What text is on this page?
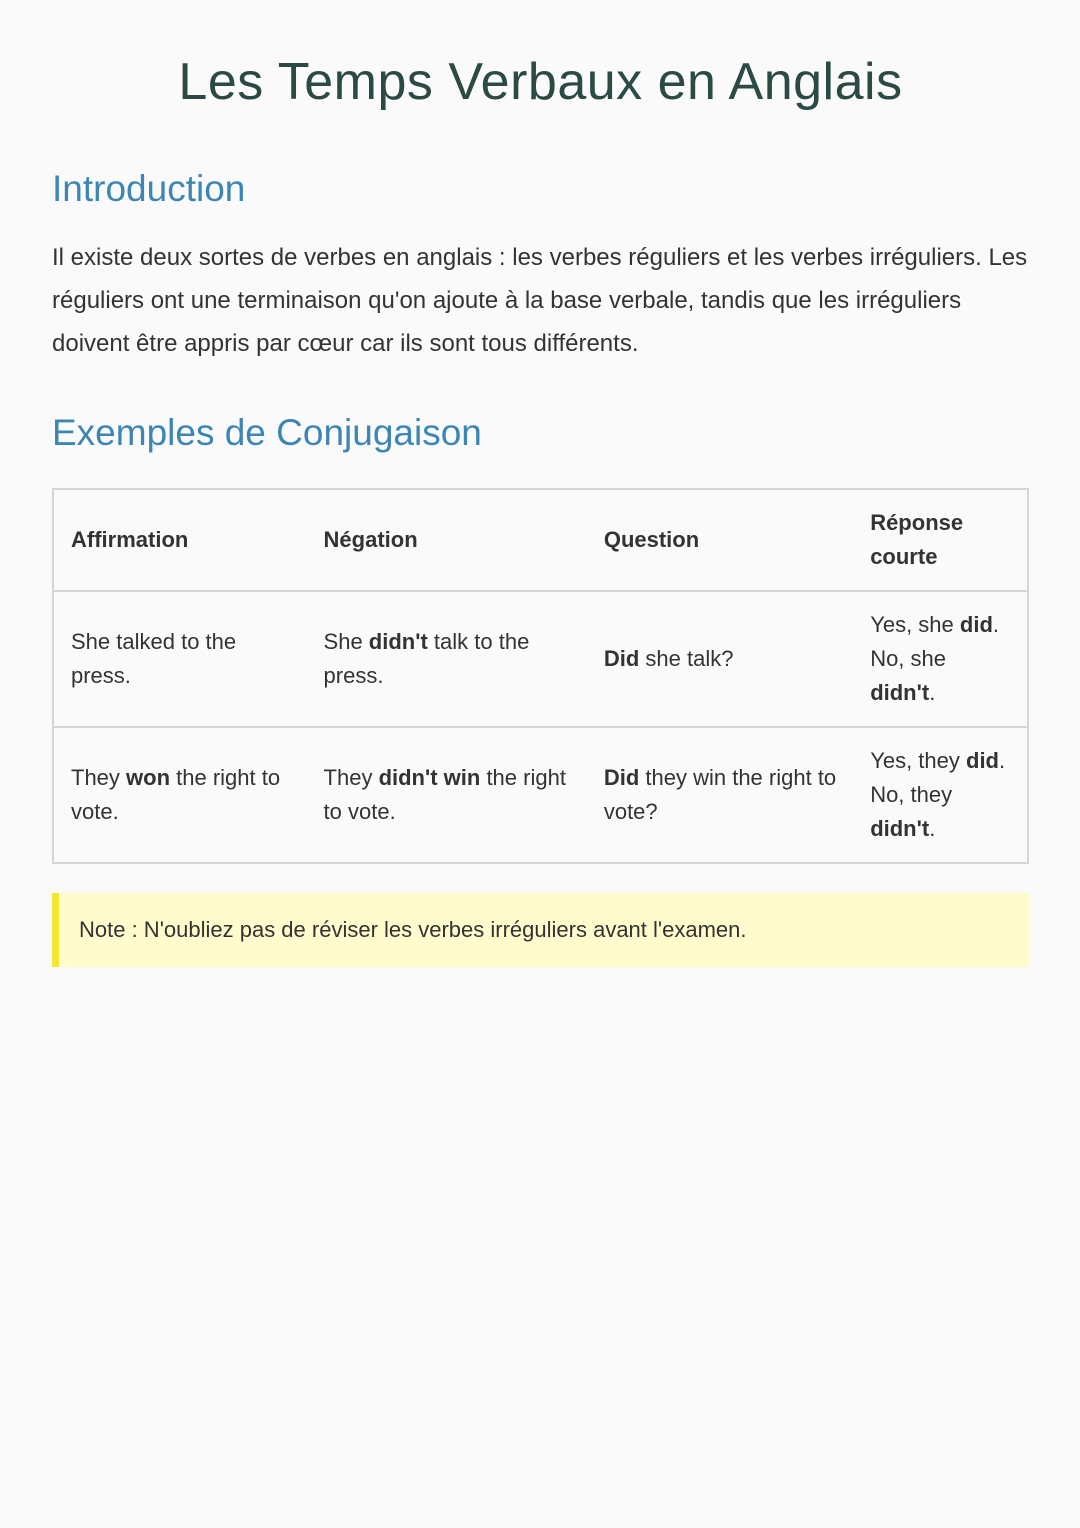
Les Temps Verbaux en Anglais
Introduction

Il existe deux sortes de verbes en anglais : les verbes réguliers et les verbes irréguliers. Les réguliers ont une terminaison qu'on ajoute à la base verbale, tandis que les irréguliers doivent être appris par cœur car ils sont tous différents.

Exemples de Conjugaison
Affirmation	Négation	Question	Réponse courte
She talked to the press.	She didn't talk to the press.	Did she talk?	Yes, she did. No, she didn't.
They won the right to vote.	They didn't win the right to vote.	Did they win the right to vote?	Yes, they did. No, they didn't.
Note : N'oubliez pas de réviser les verbes irréguliers avant l'examen.
